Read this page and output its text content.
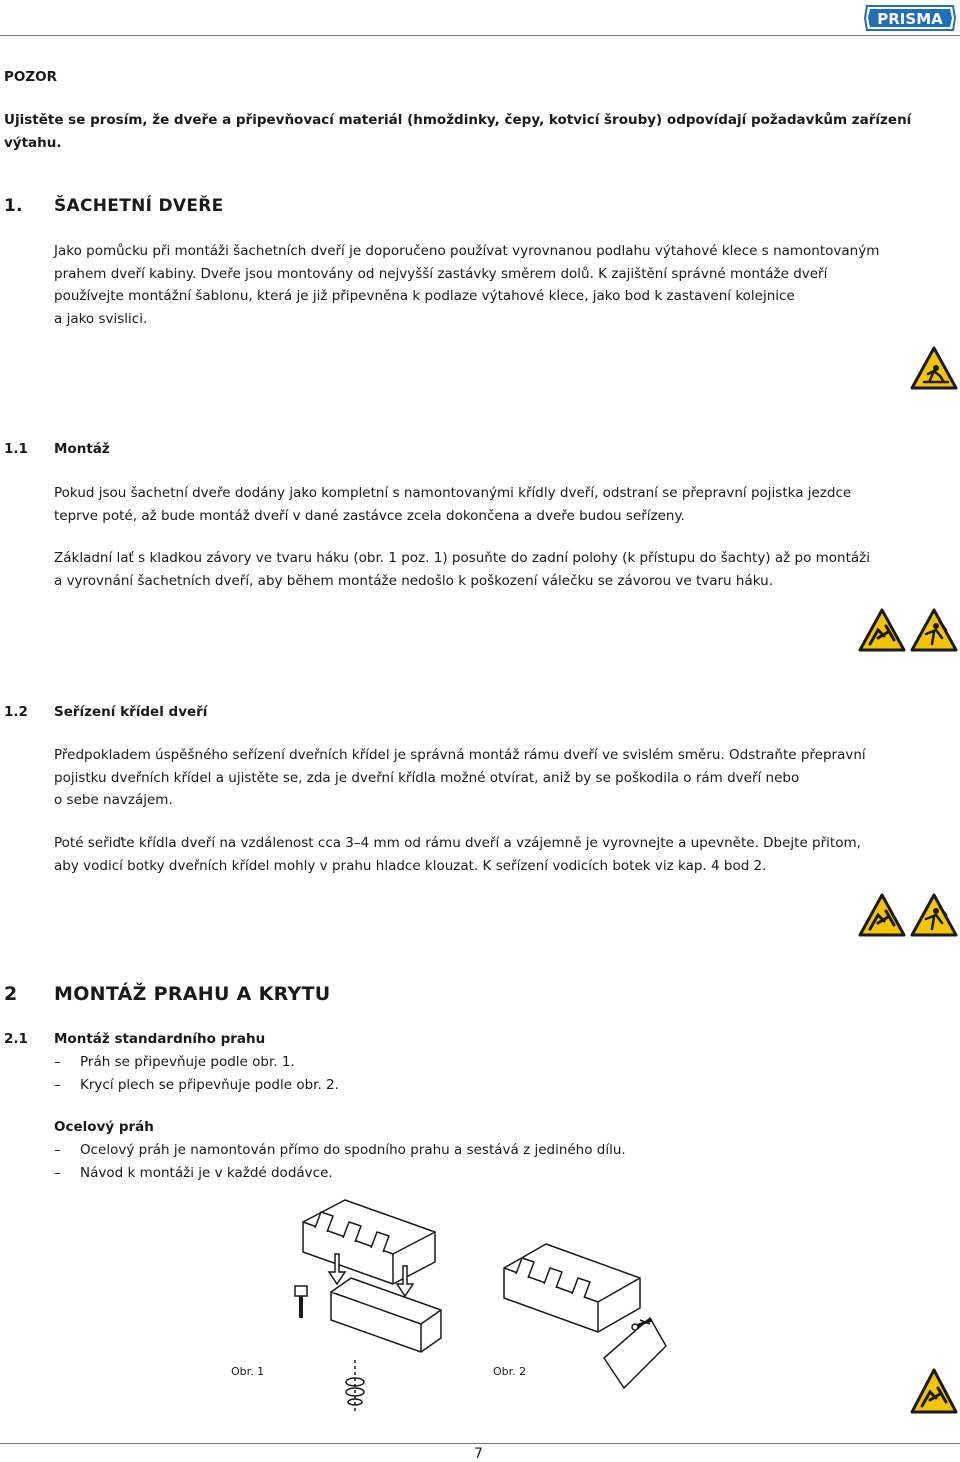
PRISMA
POZOR
Ujistěte se prosím, že dveře a připevňovací materiál (hmoždinky, čepy, kotvicí šrouby) odpovídají požadavkům zařízení výtahu.
1. ŠACHETNÍ DVEŘE
Jako pomůcku při montáži šachetních dveří je doporučeno používat vyrovnanou podlahu výtahové klece s namontovaným
prahem dveří kabiny. Dveře jsou montovány od nejvyšší zastávky směrem dolů. K zajištění správné montáže dveří
používejte montážní šablonu, která je již připevněna k podlaze výtahové klece, jako bod k zastavení kolejnice
a jako svislici.
1.1 Montáž
Pokud jsou šachetní dveře dodány jako kompletní s namontovanými křídly dveří, odstraní se přepravní pojistka jezdce
teprve poté, až bude montáž dveří v dané zastávce zcela dokončena a dveře budou seřízeny.
Základní lať s kladkou závory ve tvaru háku (obr. 1 poz. 1) posuňte do zadní polohy (k přístupu do šachty) až po montáži
a vyrovnání šachetních dveří, aby během montáže nedošlo k poškození válečku se závorou ve tvaru háku.
1.2 Seřízení křídel dveří
Předpokladem úspěšného seřízení dveřních křídel je správná montáž rámu dveří ve svislém směru. Odstraňte přepravní
pojistku dveřních křídel a ujistěte se, zda je dveřní křídla možné otvírat, aniž by se poškodila o rám dveří nebo
o sebe navzájem.
Poté seřiďte křídla dveří na vzdálenost cca 3–4 mm od rámu dveří a vzájemně je vyrovnejte a upevněte. Dbejte přitom,
aby vodicí botky dveřních křídel mohly v prahu hladce klouzat. K seřízení vodicích botek viz kap. 4 bod 2.
2 MONTÁŽ PRAHU A KRYTU
2.1 Montáž standardního prahu
–	Práh se připevňuje podle obr. 1.
–	Krycí plech se připevňuje podle obr. 2.
Ocelový práh
–	Ocelový práh je namontován přímo do spodního prahu a sestává z jediného dílu.
–	Návod k montáži je v každé dodávce.
Obr. 1	Obr. 2
7
